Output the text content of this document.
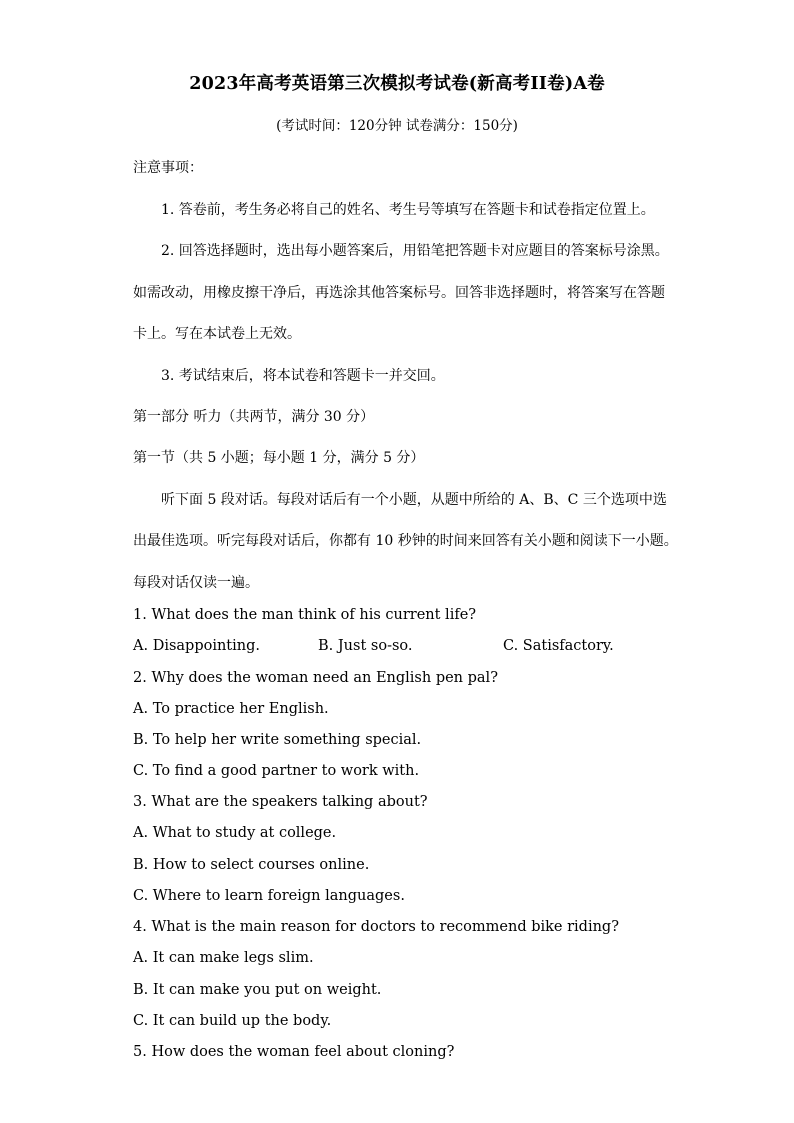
2023年高考英语第三次模拟考试卷(新高考II卷)A卷
(考试时间：120分钟 试卷满分：150分)
注意事项：
1. 答卷前，考生务必将自己的姓名、考生号等填写在答题卡和试卷指定位置上。
2. 回答选择题时，选出每小题答案后，用铅笔把答题卡对应题目的答案标号涂黑。
如需改动，用橡皮擦干净后，再选涂其他答案标号。回答非选择题时，将答案写在答题
卡上。写在本试卷上无效。
3. 考试结束后，将本试卷和答题卡一并交回。
第一部分 听力（共两节，满分 30 分）
第一节（共 5 小题；每小题 1 分，满分 5 分）
听下面 5 段对话。每段对话后有一个小题，从题中所给的 A、B、C 三个选项中选
出最佳选项。听完每段对话后，你都有 10 秒钟的时间来回答有关小题和阅读下一小题。
每段对话仅读一遍。
1. What does the man think of his current life?
A. Disappointing.	B. Just so-so.	C. Satisfactory.
2. Why does the woman need an English pen pal?
A. To practice her English.
B. To help her write something special.
C. To find a good partner to work with.
3. What are the speakers talking about?
A. What to study at college.
B. How to select courses online.
C. Where to learn foreign languages.
4. What is the main reason for doctors to recommend bike riding?
A. It can make legs slim.
B. It can make you put on weight.
C. It can build up the body.
5. How does the woman feel about cloning?
